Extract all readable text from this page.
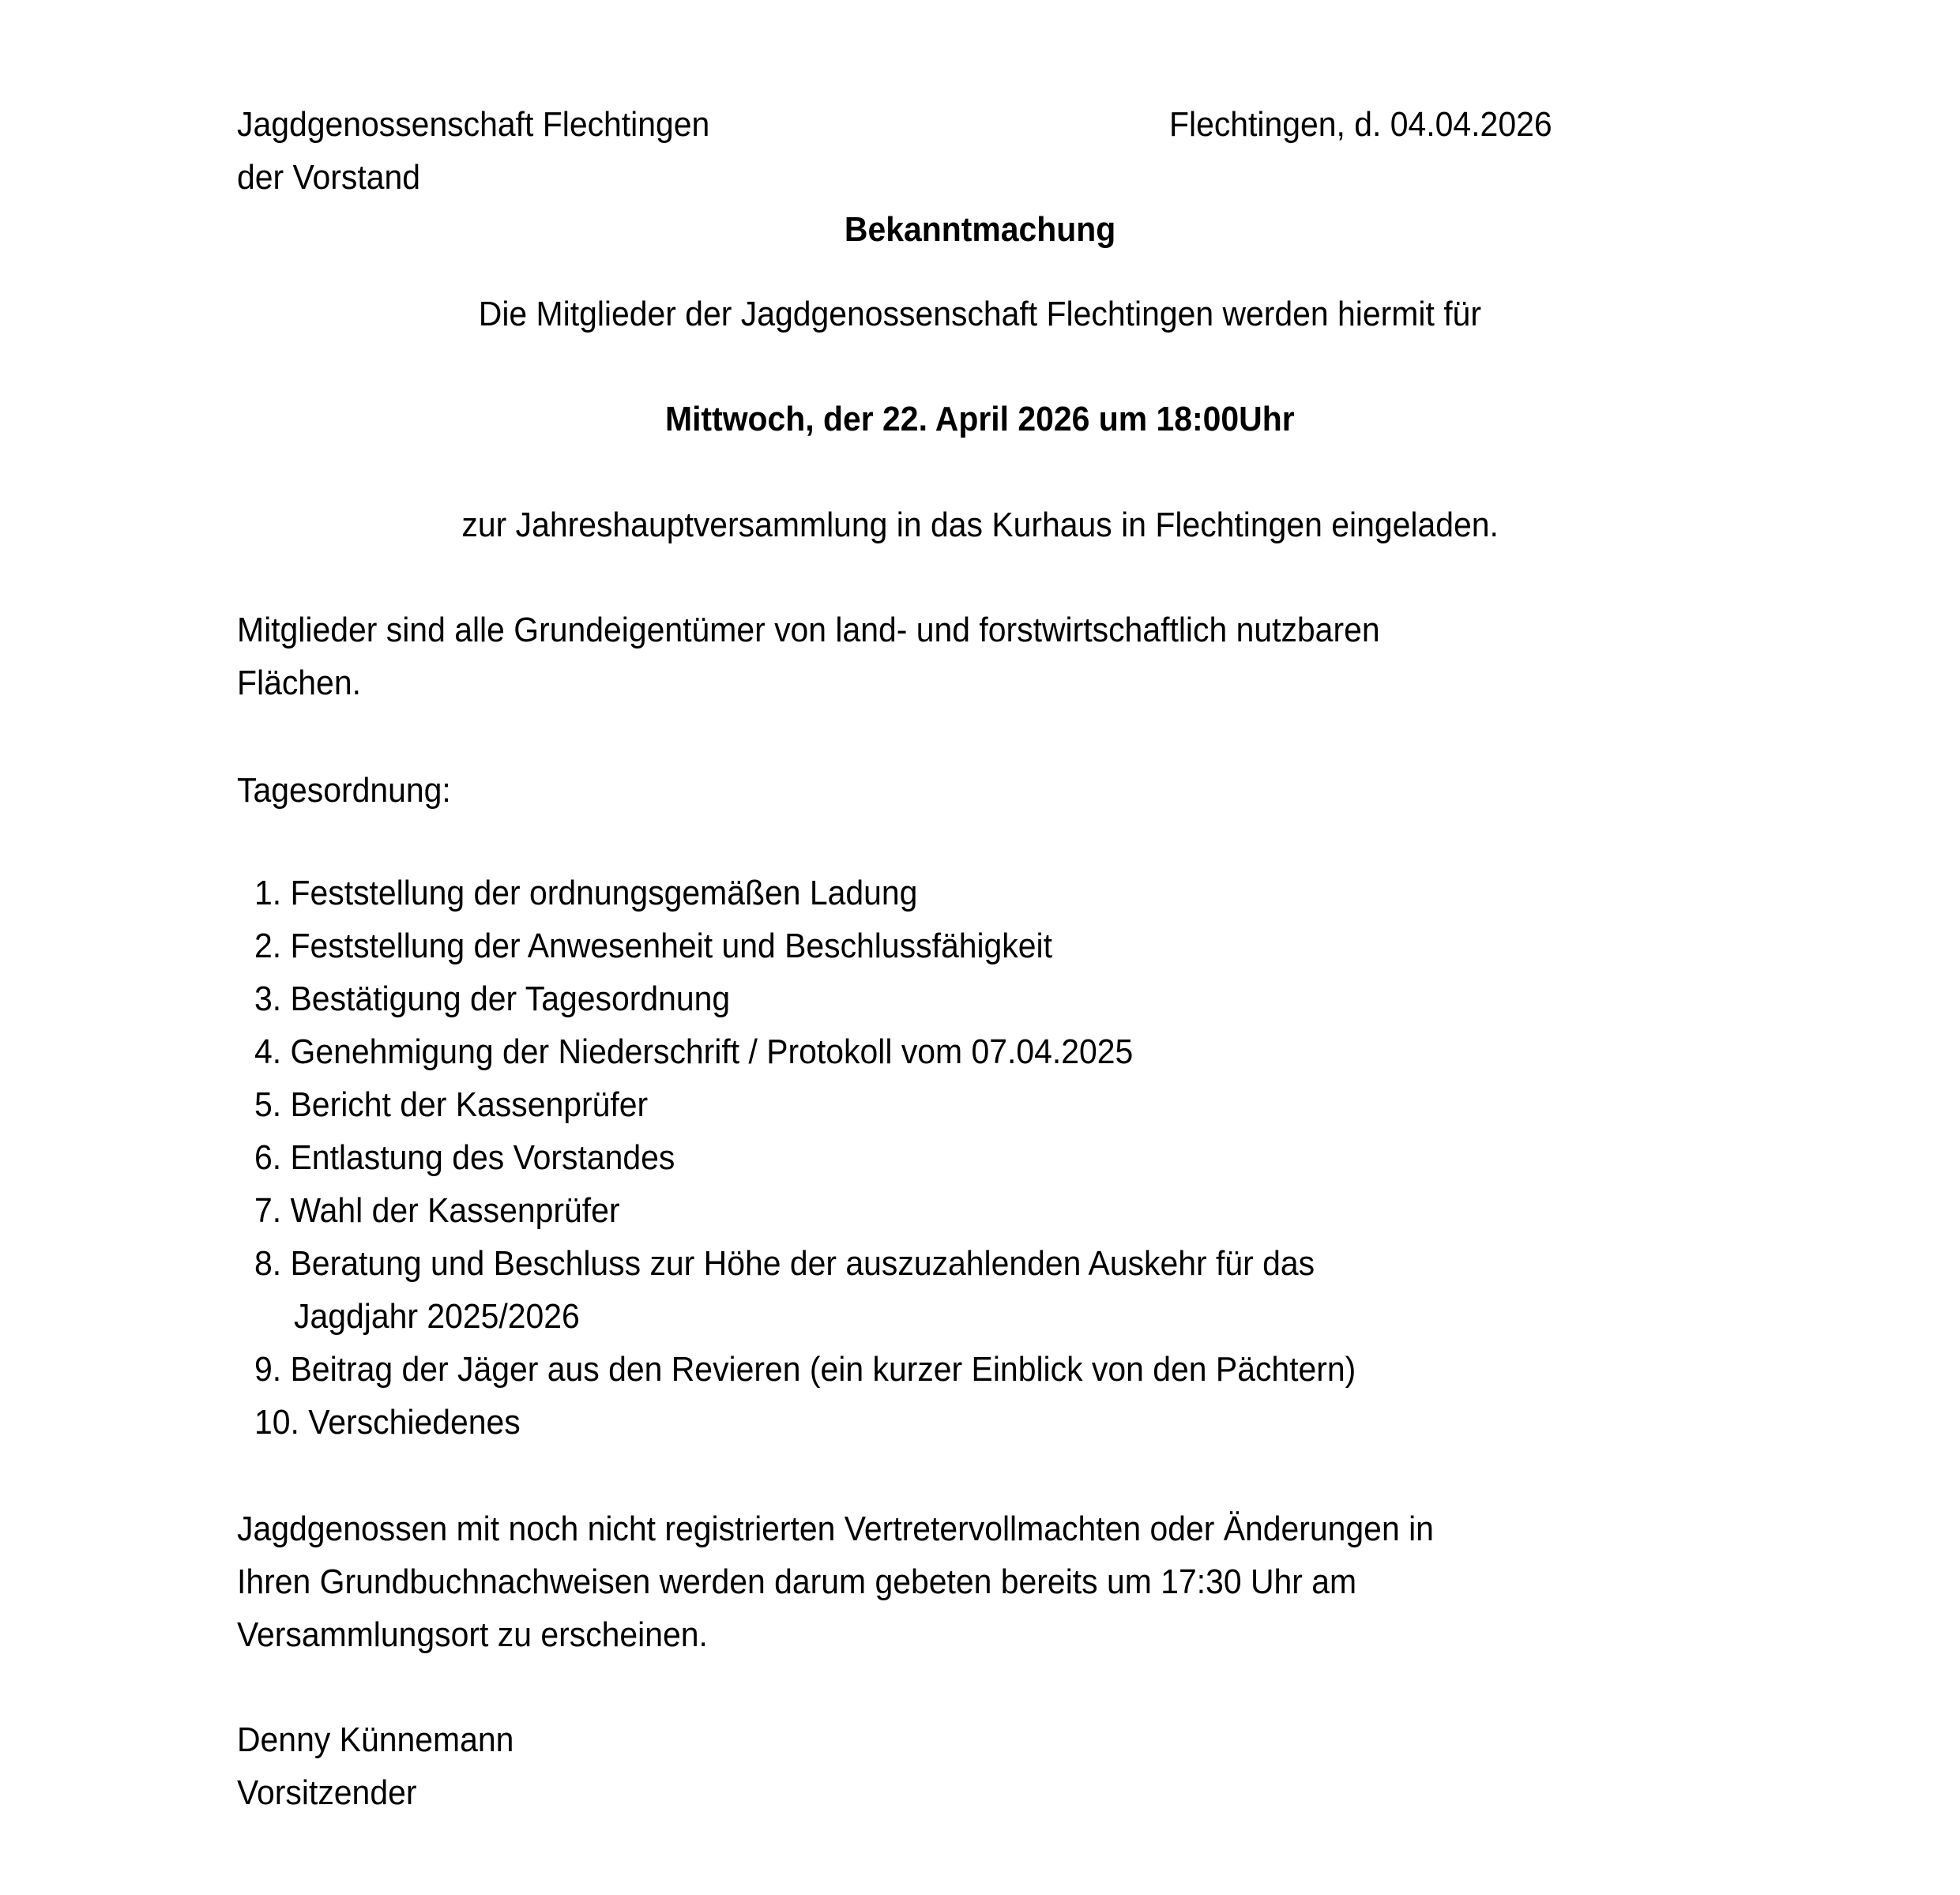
Jagdgenossenschaft Flechtingen	Flechtingen, d. 04.04.2026
der Vorstand
Bekanntmachung
Die Mitglieder der Jagdgenossenschaft Flechtingen werden hiermit für
Mittwoch, der 22. April 2026 um 18:00Uhr
zur Jahreshauptversammlung in das Kurhaus in Flechtingen eingeladen.
Mitglieder sind alle Grundeigentümer von land- und forstwirtschaftlich nutzbaren
Flächen.
Tagesordnung:
1. Feststellung der ordnungsgemäßen Ladung
2. Feststellung der Anwesenheit und Beschlussfähigkeit
3. Bestätigung der Tagesordnung
4. Genehmigung der Niederschrift / Protokoll vom 07.04.2025
5. Bericht der Kassenprüfer
6. Entlastung des Vorstandes
7. Wahl der Kassenprüfer
8. Beratung und Beschluss zur Höhe der auszuzahlenden Auskehr für das
Jagdjahr 2025/2026
9. Beitrag der Jäger aus den Revieren (ein kurzer Einblick von den Pächtern)
10. Verschiedenes
Jagdgenossen mit noch nicht registrierten Vertretervollmachten oder Änderungen in
Ihren Grundbuchnachweisen werden darum gebeten bereits um 17:30 Uhr am
Versammlungsort zu erscheinen.
Denny Künnemann
Vorsitzender
